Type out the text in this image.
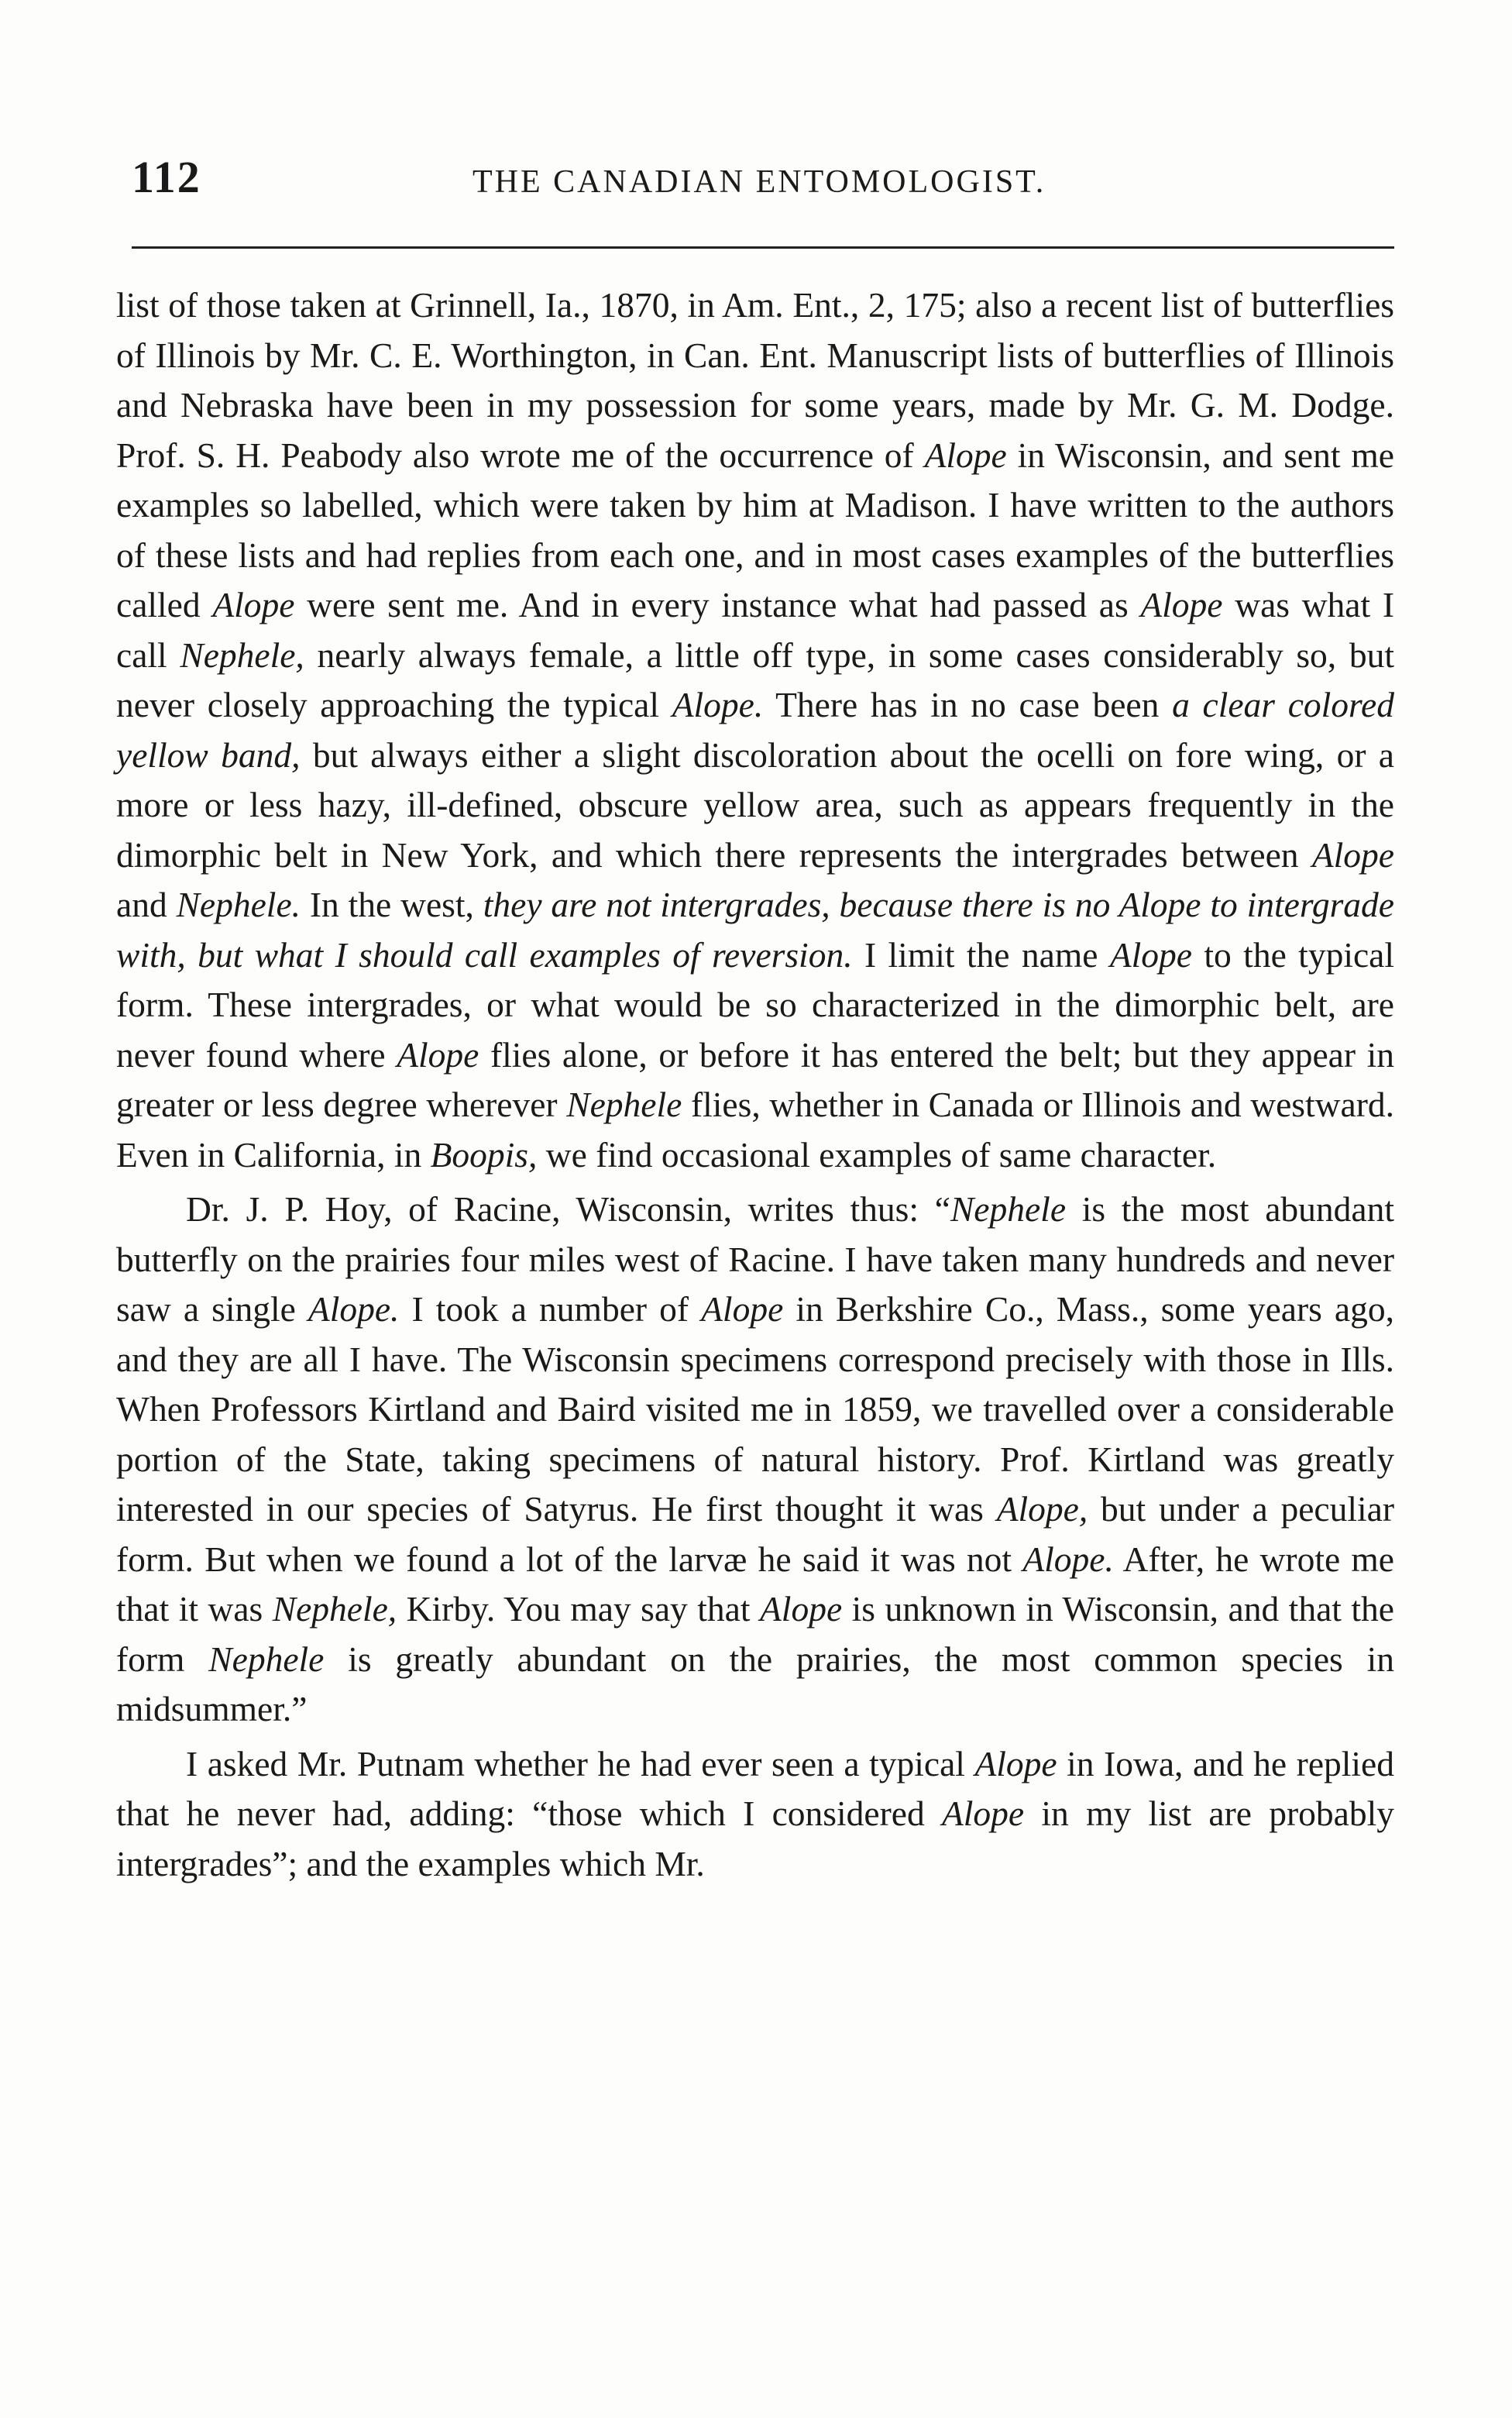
112	THE CANADIAN ENTOMOLOGIST.

list of those taken at Grinnell, Ia., 1870, in Am. Ent., 2, 175; also a recent list of butterflies of Illinois by Mr. C. E. Worthington, in Can. Ent. Manuscript lists of butterflies of Illinois and Nebraska have been in my possession for some years, made by Mr. G. M. Dodge. Prof. S. H. Peabody also wrote me of the occurrence of Alope in Wisconsin, and sent me examples so labelled, which were taken by him at Madison. I have written to the authors of these lists and had replies from each one, and in most cases examples of the butterflies called Alope were sent me. And in every instance what had passed as Alope was what I call Nephele, nearly always female, a little off type, in some cases considerably so, but never closely approaching the typical Alope. There has in no case been a clear colored yellow band, but always either a slight discoloration about the ocelli on fore wing, or a more or less hazy, ill-defined, obscure yellow area, such as appears frequently in the dimorphic belt in New York, and which there represents the intergrades between Alope and Nephele. In the west, they are not intergrades, because there is no Alope to intergrade with, but what I should call examples of reversion. I limit the name Alope to the typical form. These intergrades, or what would be so characterized in the dimorphic belt, are never found where Alope flies alone, or before it has entered the belt; but they appear in greater or less degree wherever Nephele flies, whether in Canada or Illinois and westward. Even in California, in Boopis, we find occasional examples of same character.

Dr. J. P. Hoy, of Racine, Wisconsin, writes thus: “Nephele is the most abundant butterfly on the prairies four miles west of Racine. I have taken many hundreds and never saw a single Alope. I took a number of Alope in Berkshire Co., Mass., some years ago, and they are all I have. The Wisconsin specimens correspond precisely with those in Ills. When Professors Kirtland and Baird visited me in 1859, we travelled over a considerable portion of the State, taking specimens of natural history. Prof. Kirtland was greatly interested in our species of Satyrus. He first thought it was Alope, but under a peculiar form. But when we found a lot of the larvæ he said it was not Alope. After, he wrote me that it was Nephele, Kirby. You may say that Alope is unknown in Wisconsin, and that the form Nephele is greatly abundant on the prairies, the most common species in midsummer.”

I asked Mr. Putnam whether he had ever seen a typical Alope in Iowa, and he replied that he never had, adding: “those which I considered Alope in my list are probably intergrades”; and the examples which Mr.
